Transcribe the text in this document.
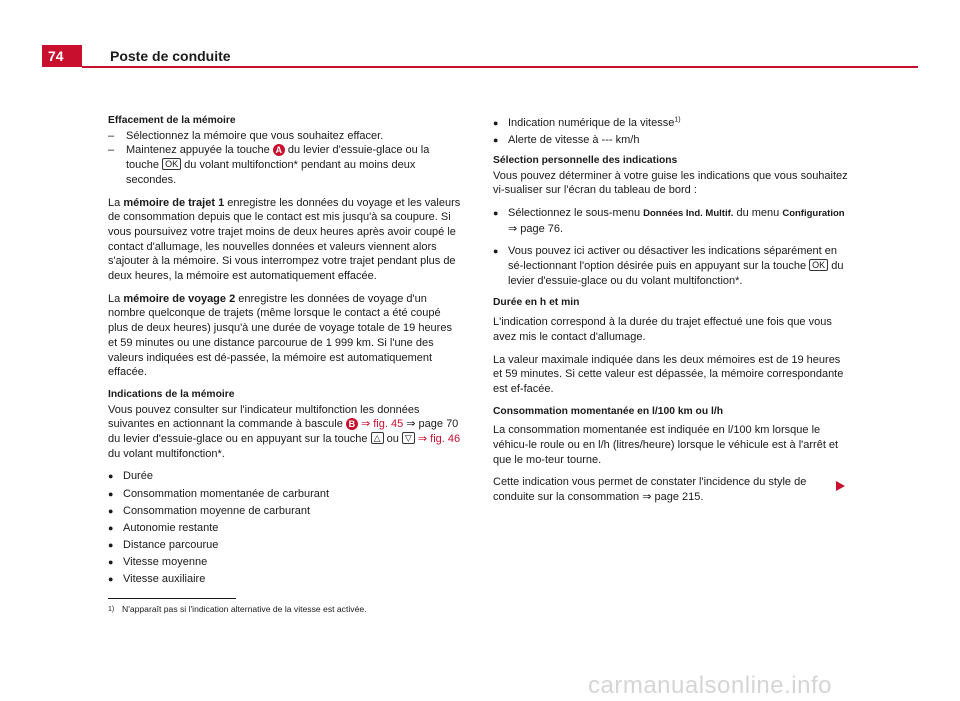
74	Poste de conduite

Effacement de la mémoire

–	Sélectionnez la mémoire que vous souhaitez effacer.
–	Maintenez appuyée la touche A du levier d'essuie-glace ou la touche OK du volant multifonction* pendant au moins deux secondes.

La mémoire de trajet 1 enregistre les données du voyage et les valeurs de consommation depuis que le contact est mis jusqu'à sa coupure. Si vous poursuivez votre trajet moins de deux heures après avoir coupé le contact d'allumage, les nouvelles données et valeurs viennent alors s'ajouter à la mémoire. Si vous interrompez votre trajet pendant plus de deux heures, la mémoire est automatiquement effacée.

La mémoire de voyage 2 enregistre les données de voyage d'un nombre quelconque de trajets (même lorsque le contact a été coupé plus de deux heures) jusqu'à une durée de voyage totale de 19 heures et 59 minutes ou une distance parcourue de 1 999 km. Si l'une des valeurs indiquées est dé-passée, la mémoire est automatiquement effacée.

Indications de la mémoire

Vous pouvez consulter sur l'indicateur multifonction les données suivantes en actionnant la commande à bascule B ⇒ fig. 45 ⇒ page 70 du levier d'essuie-glace ou en appuyant sur la touche △ ou ▽ ⇒ fig. 46 du volant multifonction*.

● Durée
● Consommation momentanée de carburant
● Consommation moyenne de carburant
● Autonomie restante
● Distance parcourue
● Vitesse moyenne
● Vitesse auxiliaire
● Indication numérique de la vitesse$^{1)}$
● Alerte de vitesse à --- km/h

Sélection personnelle des indications

Vous pouvez déterminer à votre guise les indications que vous souhaitez vi-sualiser sur l'écran du tableau de bord :

● Sélectionnez le sous-menu Données Ind. Multif. du menu Configuration
⇒ page 76.
● Vous pouvez ici activer ou désactiver les indications séparément en sé-lectionnant l'option désirée puis en appuyant sur la touche OK du levier d'essuie-glace ou du volant multifonction*.

Durée en h et min

L'indication correspond à la durée du trajet effectué une fois que vous avez mis le contact d'allumage.

La valeur maximale indiquée dans les deux mémoires est de 19 heures et 59 minutes. Si cette valeur est dépassée, la mémoire correspondante est ef-facée.

Consommation momentanée en l/100 km ou l/h

La consommation momentanée est indiquée en l/100 km lorsque le véhicu-le roule ou en l/h (litres/heure) lorsque le véhicule est à l'arrêt et que le mo-teur tourne.

Cette indication vous permet de constater l'incidence du style de conduite sur la consommation ⇒ page 215.

1) N'apparaît pas si l'indication alternative de la vitesse est activée.
carmanualsonline.info
